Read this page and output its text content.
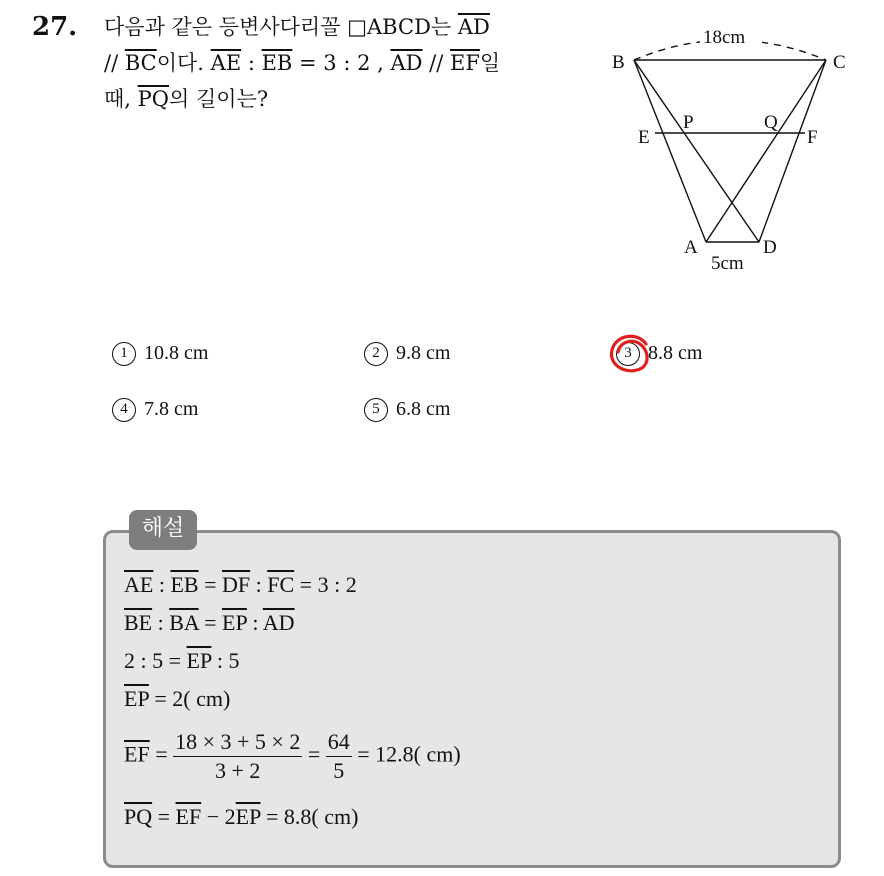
27. 다음과 같은 등변사다리꼴 □ABCD는 $\overline{AD}$
// $\overline{BC}$이다. $\overline{AE}$ : $\overline{EB} = 3$ : 2 , $\overline{AD} // \overline{EF}$일
때, $\overline{PQ}$의 길이는?
18cm
B	C
E
P	Q
F
A	D
5cm
1 10.8 cm	2 9.8 cm	3 8.8 cm
4 7.8 cm	5 6.8 cm
해설
$\overline{AE}$ : $\overline{EB} = \overline{DF}$ : $\overline{FC} = 3$ : 2
$\overline{BE}$ : $\overline{BA} = \overline{EP}$ : $\overline{AD}$
2 : $5 = \overline{EP}$ : 5
$\overline{EP} = 2$( cm)
$\overline{EF} = \frac{18 \times 3 + 5 \times 2}{3 + 2} = \frac{64}{5} = 12.8$( cm)
$\overline{PQ} = \overline{EF} - 2\overline{EP} = 8.8$( cm)
